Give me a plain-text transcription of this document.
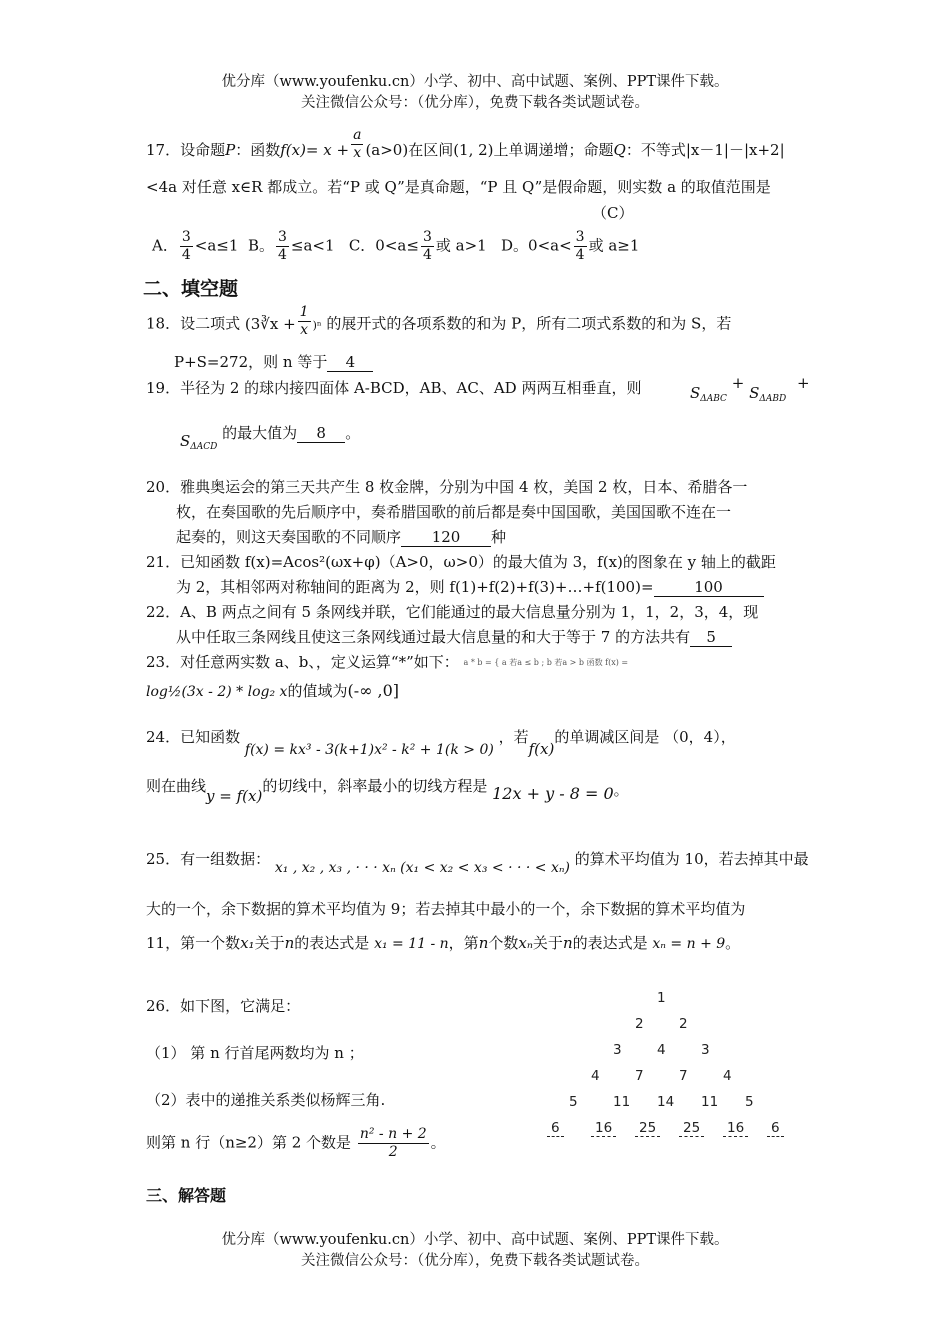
优分库（www.youfenku.cn）小学、初中、高中试题、案例、PPT课件下载。
关注微信公众号：（优分库），免费下载各类试题试卷。
17．设命题P：函数$f(x)= x + \frac{a}{x} (a>0)$在区间(1, 2)上单调递增；命题Q：不等式|x－1|－|x+2|
<4a 对任意 x∈R 都成立。若“P 或 Q”是真命题，“P 且 Q”是假命题，则实数 a 的取值范围是
（C）
A． $\frac{3}{4} <a\le 1$ B。 $\frac{3}{4} \le a<1$ C．$0<a\le \frac{3}{4}$ 或 a>1 D。$0<a< \frac{3}{4}$ 或 a≥1
二、填空题
18．设二项式 (3∛x + $\frac{1}{x} )^n$ 的展开式的各项系数的和为 P，所有二项式系数的和为 S，若
P+S=272，则 n 等于 4
19．半径为 2 的球内接四面体 A-BCD，AB、AC、AD 两两互相垂直，则	$S_{\Delta ABC} + S_{\Delta ABD}$ +
$S_{\Delta ACD}$ 的最大值为 8 。
20．雅典奥运会的第三天共产生 8 枚金牌，分别为中国 4 枚，美国 2 枚，日本、希腊各一
枚，在奏国歌的先后顺序中，奏希腊国歌的前后都是奏中国国歌，美国国歌不连在一
起奏的，则这天奏国歌的不同顺序 120 种
21．已知函数 f(x)=Acos²(ωx+φ)（A>0，ω>0）的最大值为 3，f(x)的图象在 y 轴上的截距
为 2，其相邻两对称轴间的距离为 2，则 f(1)+f(2)+f(3)+…+f(100)=	100
22．A、B 两点之间有 5 条网线并联，它们能通过的最大信息量分别为 1，1，2，3，4，现
从中任取三条网线且使这三条网线通过最大信息量的和大于等于 7 的方法共有 5
23．对任意两实数 a、b、，定义运算“*”如下： a * b = { a 若a ≤ b ; b 若a > b 函数 f(x) =
log½(3x - 2) * log₂ x的值域为(-∞ ,0]
24．已知函数 f(x) = kx³ - 3(k+1)x² - k² + 1(k > 0) ，若f(x)的单调减区间是 （0，4），
则在曲线y = f(x)的切线中，斜率最小的切线方程是 12x + y - 8 = 0。
25．有一组数据： x₁ , x₂ , x₃ , · · · xₙ (x₁ < x₂ < x₃ < · · · < xₙ) 的算术平均值为 10，若去掉其中最
大的一个，余下数据的算术平均值为 9；若去掉其中最小的一个，余下数据的算术平均值为
11，第一个数x₁关于n的表达式是 x₁ = 11 - n，第n个数xₙ关于n的表达式是 xₙ = n + 9。
26．如下图，它满足：
（1） 第 n 行首尾两数均为 n ；
（2）表中的递推关系类似杨辉三角.
则第 n 行（n≥2）第 2 个数是 $\frac{\text{n² - n + 2}}{2}$ 。
1
2	2
3	4	3
4	7	7	4
5	11 14 11 5
6	16 25 25 16 6
三、解答题
优分库（www.youfenku.cn）小学、初中、高中试题、案例、PPT课件下载。
关注微信公众号：（优分库），免费下载各类试题试卷。
